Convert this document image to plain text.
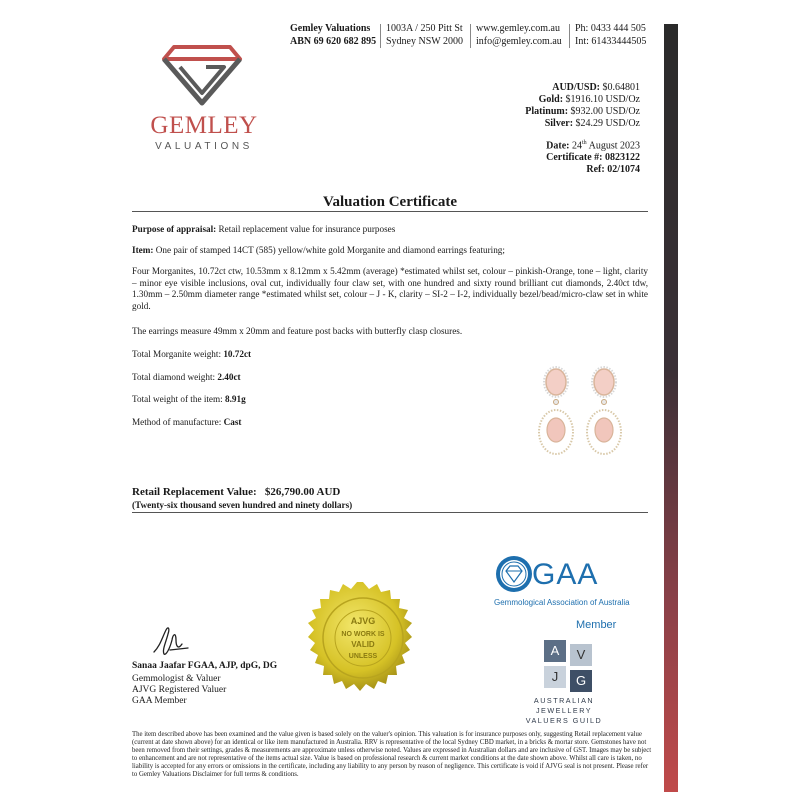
Gemley Valuations
ABN 69 620 682 895
1003A / 250 Pitt St
Sydney NSW 2000
www.gemley.com.au
info@gemley.com.au
Ph: 0433 444 505
Int: 61433444505
GEMLEY
VALUATIONS
AUD/USD: $0.64801
Gold: $1916.10 USD/Oz
Platinum: $932.00 USD/Oz
Silver: $24.29 USD/Oz
Date: 24th August 2023
Certificate #: 0823122
Ref: 02/1074
Valuation Certificate
Purpose of appraisal: Retail replacement value for insurance purposes
Item: One pair of stamped 14CT (585) yellow/white gold Morganite and diamond earrings featuring;
Four Morganites, 10.72ct ctw, 10.53mm x 8.12mm x 5.42mm (average) *estimated whilst set, colour – pinkish-Orange, tone – light, clarity – minor eye visible inclusions, oval cut, individually four claw set, with one hundred and sixty round brilliant cut diamonds, 2.40ct tdw, 1.30mm – 2.50mm diameter range *estimated whilst set, colour – J - K, clarity – SI-2 – I-2, individually bezel/bead/micro-claw set in white gold.
The earrings measure 49mm x 20mm and feature post backs with butterfly clasp closures.
Total Morganite weight: 10.72ct
Total diamond weight: 2.40ct
Total weight of the item: 8.91g
Method of manufacture: Cast
Retail Replacement Value: $26,790.00 AUD
(Twenty-six thousand seven hundred and ninety dollars)
AJVG
NO WORK IS
VALID
UNLESS
GAA
Gemmological Association of Australia
Member
A	V
J	G
AUSTRALIAN JEWELLERY
VALUERS GUILD
Sanaa Jaafar FGAA, AJP, dpG, DG
Gemmologist & Valuer
AJVG Registered Valuer
GAA Member
The item described above has been examined and the value given is based solely on the valuer's opinion. This valuation is for insurance purposes only, suggesting Retail replacement value (current at date shown above) for an identical or like item manufactured in Australia. RRV is representative of the local Sydney CBD market, in a bricks & mortar store. Gemstones have not been removed from their settings, grades & measurements are approximate unless otherwise noted. Values are expressed in Australian dollars and are inclusive of GST. Images may be subject to enhancement and are not representative of the items actual size. Value is based on professional research & current market conditions at the date shown above. Whilst all care is taken, no liability is accepted for any errors or omissions in the certificate, including any liability to any person by reason of negligence. This certificate is void if AJVG seal is not present. Please refer to Gemley Valuations Disclaimer for full terms & conditions.
